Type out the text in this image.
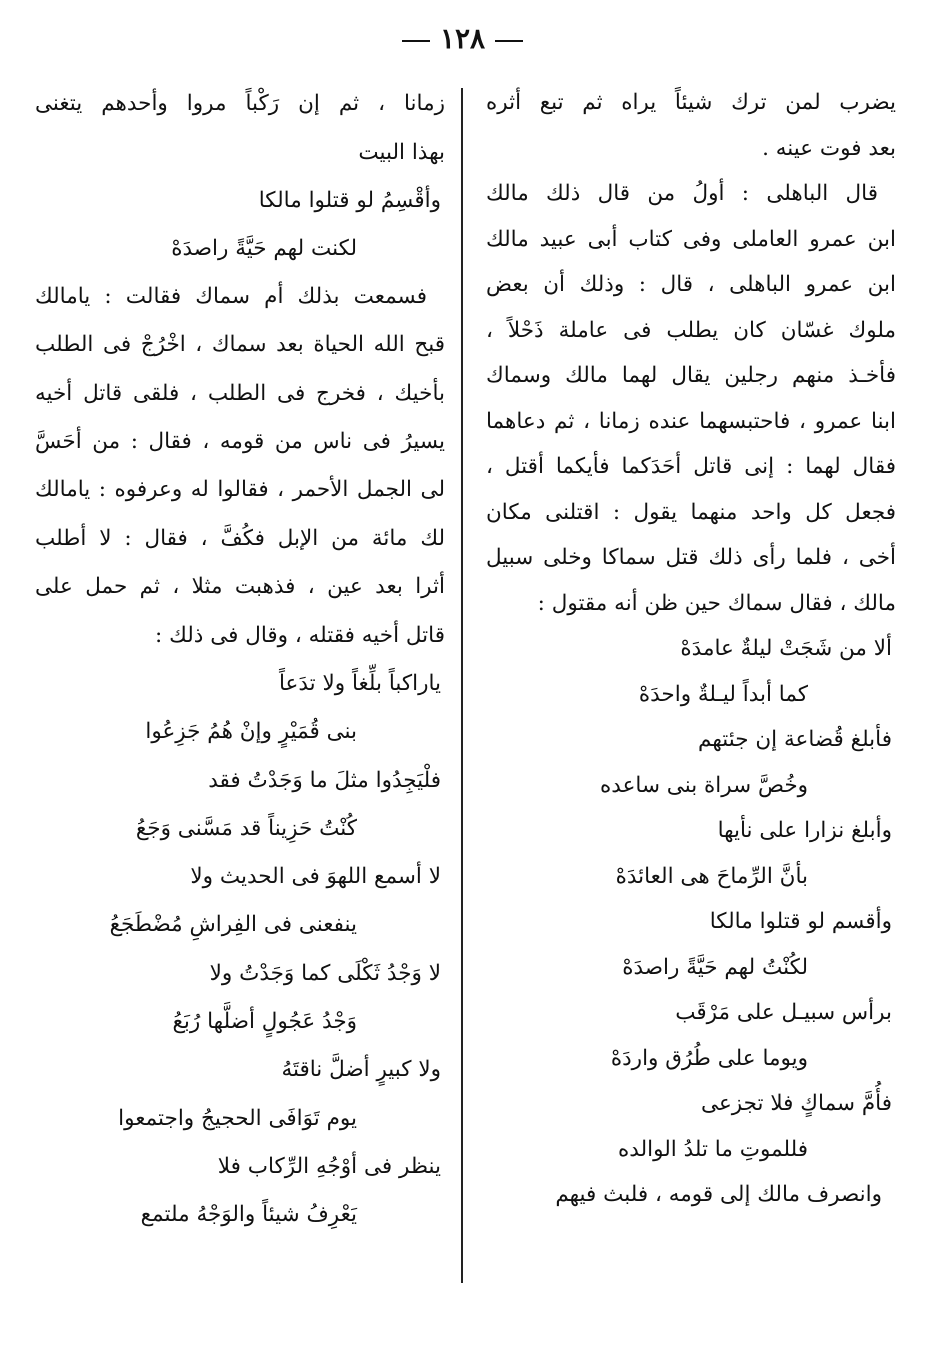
١٢٨
يضرب لمن ترك شيئاً يراه ثم تبع أثره
بعد فوت عينه .
قال الباهلى : أولُ من قال ذلك مالك
ابن عمرو العاملى وفى كتاب أبى عبيد مالك
ابن عمرو الباهلى ، قال : وذلك أن بعض
ملوك غسّان كان يطلب فى عاملة ذَحْلاً ،
فأخـذ منهم رجلين يقال لهما مالك وسماك
ابنا عمرو ، فاحتبسهما عنده زمانا ، ثم دعاهما
فقال لهما : إنى قاتل أحَدَكما فأيكما أقتل ،
فجعل كل واحد منهما يقول : اقتلنى مكان
أخى ، فلما رأى ذلك قتل سماكا وخلى سبيل
مالك ، فقال سماك حين ظن أنه مقتول :
ألا من شَجَتْ ليلةٌ عامدَهْ
كما أبداً ليـلةٌ واحدَهْ
فأبلغ قُضاعة إن جئتهم
وخُصَّ سراة بنى ساعده
وأبلغ نزارا على نأيها
بأنَّ الرِّماحَ هى العائدَهْ
وأقسم لو قتلوا مالكا
لكُنْتُ لهم حَيَّةً راصدَهْ
برأس سبيـل على مَرْقَب
ويوما على طُرُق واردَهْ
فأُمَّ سماكٍ فلا تجزعى
فللموتِ ما تلدُ الوالده
وانصرف مالك إلى قومه ، فلبث فيهم
زمانا ، ثم إن رَكْباً مروا وأحدهم يتغنى
بهذا البيت
وأقْسِمُ لو قتلوا مالكا
لكنت لهم حَيَّةً راصدَهْ
فسمعت بذلك أم سماك فقالت : يامالك
قبح الله الحياة بعد سماك ، اخْرُجْ فى الطلب
بأخيك ، فخرج فى الطلب ، فلقى قاتل أخيه
يسيرُ فى ناس من قومه ، فقال : من أحَسَّ
لى الجمل الأحمر ، فقالوا له وعرفوه : يامالك
لك مائة من الإبل فكُفَّ ، فقال : لا أطلب
أثرا بعد عين ، فذهبت مثلا ، ثم حمل على
قاتل أخيه فقتله ، وقال فى ذلك :
ياراكباً بلِّغاً ولا تدَعاً
بنى قُمَيْرٍ وإنْ هُمُ جَزِعُوا
فلْيَجِدُوا مثلَ ما وَجَدْتُ فقد
كُنْتُ حَزِيناً قد مَسَّنى وَجَعُ
لا أسمع اللهوَ فى الحديث ولا
ينفعنى فى الفِراشِ مُضْطَجَعُ
لا وَجْدُ ثَكْلَى كما وَجَدْتُ ولا
وَجْدُ عَجُولٍ أضلَّها رُبَعُ
ولا كبيرٍ أضلَّ ناقتَهُ
يوم تَوَافَى الحجيجُ واجتمعوا
ينظر فى أوْجُهِ الرِّكاب فلا
يَعْرِفُ شيئاً والوَجْهُ ملتمع
